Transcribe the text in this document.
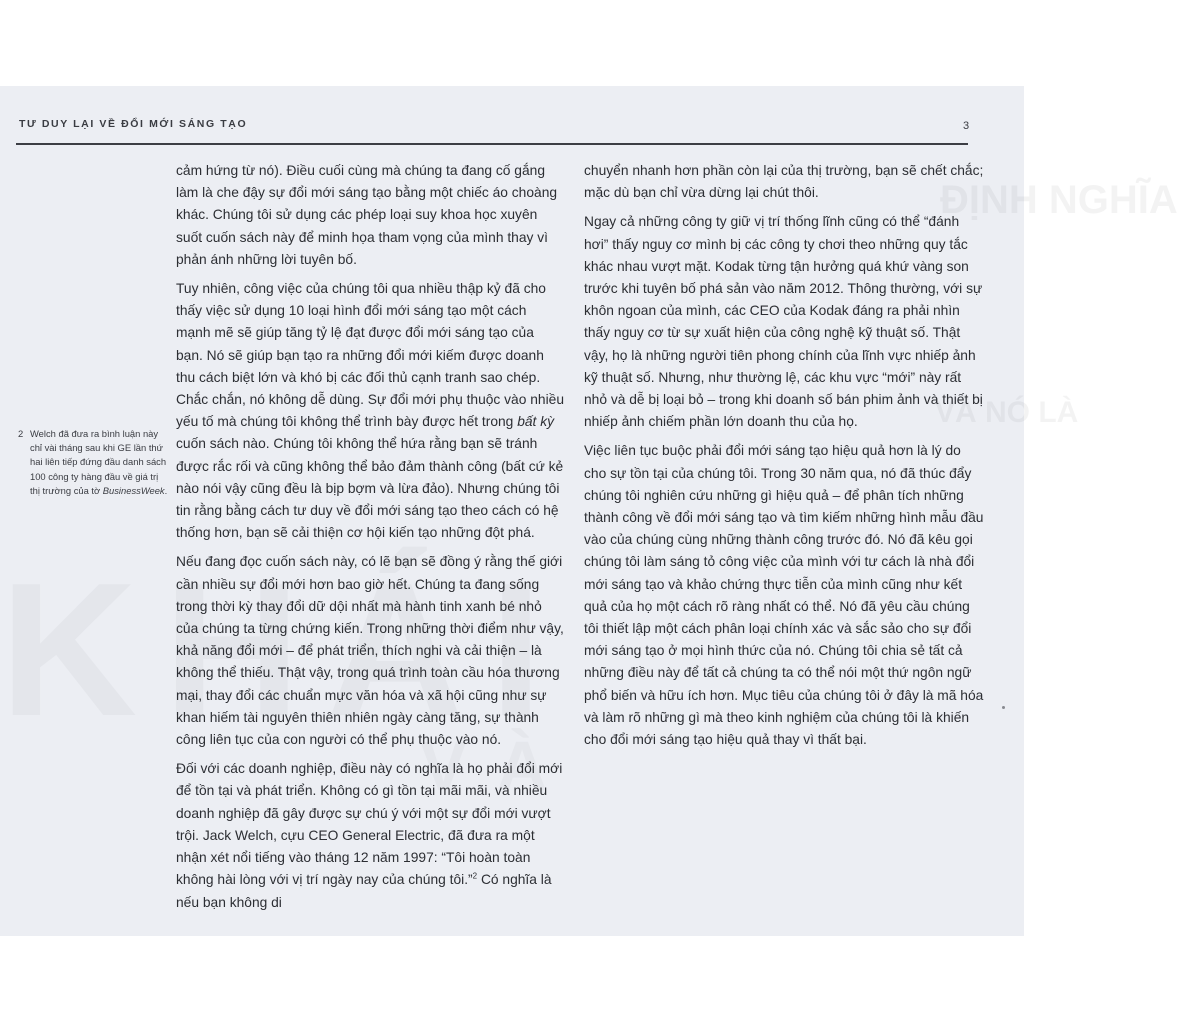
ĐỊNH NGHĨA
VÀ NÓ LÀ
TƯ DUY LẠI VỀ ĐỔI MỚI SÁNG TẠO	3
2 Welch đã đưa ra bình luận này chỉ vài tháng sau khi GE lần thứ hai liên tiếp đứng đầu danh sách 100 công ty hàng đầu về giá trị thị trường của tờ BusinessWeek.

cảm hứng từ nó). Điều cuối cùng mà chúng ta đang cố gắng làm là che đậy sự đổi mới sáng tạo bằng một chiếc áo choàng khác. Chúng tôi sử dụng các phép loại suy khoa học xuyên suốt cuốn sách này để minh họa tham vọng của mình thay vì phản ánh những lời tuyên bố.

Tuy nhiên, công việc của chúng tôi qua nhiều thập kỷ đã cho thấy việc sử dụng 10 loại hình đổi mới sáng tạo một cách mạnh mẽ sẽ giúp tăng tỷ lệ đạt được đổi mới sáng tạo của bạn. Nó sẽ giúp bạn tạo ra những đổi mới kiếm được doanh thu cách biệt lớn và khó bị các đối thủ cạnh tranh sao chép. Chắc chắn, nó không dễ dùng. Sự đổi mới phụ thuộc vào nhiều yếu tố mà chúng tôi không thể trình bày được hết trong bất kỳ cuốn sách nào. Chúng tôi không thể hứa rằng bạn sẽ tránh được rắc rối và cũng không thể bảo đảm thành công (bất cứ kẻ nào nói vậy cũng đều là bịp bợm và lừa đảo). Nhưng chúng tôi tin rằng bằng cách tư duy về đổi mới sáng tạo theo cách có hệ thống hơn, bạn sẽ cải thiện cơ hội kiến tạo những đột phá.

Nếu đang đọc cuốn sách này, có lẽ bạn sẽ đồng ý rằng thế giới cần nhiều sự đổi mới hơn bao giờ hết. Chúng ta đang sống trong thời kỳ thay đổi dữ dội nhất mà hành tinh xanh bé nhỏ của chúng ta từng chứng kiến. Trong những thời điểm như vậy, khả năng đổi mới – để phát triển, thích nghi và cải thiện – là không thể thiếu. Thật vậy, trong quá trình toàn cầu hóa thương mại, thay đổi các chuẩn mực văn hóa và xã hội cũng như sự khan hiếm tài nguyên thiên nhiên ngày càng tăng, sự thành công liên tục của con người có thể phụ thuộc vào nó.

Đối với các doanh nghiệp, điều này có nghĩa là họ phải đổi mới để tồn tại và phát triển. Không có gì tồn tại mãi mãi, và nhiều doanh nghiệp đã gây được sự chú ý với một sự đổi mới vượt trội. Jack Welch, cựu CEO General Electric, đã đưa ra một nhận xét nổi tiếng vào tháng 12 năm 1997: “Tôi hoàn toàn không hài lòng với vị trí ngày nay của chúng tôi.”$^2$ Có nghĩa là nếu bạn không di

chuyển nhanh hơn phần còn lại của thị trường, bạn sẽ chết chắc; mặc dù bạn chỉ vừa dừng lại chút thôi.

Ngay cả những công ty giữ vị trí thống lĩnh cũng có thể “đánh hơi” thấy nguy cơ mình bị các công ty chơi theo những quy tắc khác nhau vượt mặt. Kodak từng tận hưởng quá khứ vàng son trước khi tuyên bố phá sản vào năm 2012. Thông thường, với sự khôn ngoan của mình, các CEO của Kodak đáng ra phải nhìn thấy nguy cơ từ sự xuất hiện của công nghệ kỹ thuật số. Thật vậy, họ là những người tiên phong chính của lĩnh vực nhiếp ảnh kỹ thuật số. Nhưng, như thường lệ, các khu vực “mới” này rất nhỏ và dễ bị loại bỏ – trong khi doanh số bán phim ảnh và thiết bị nhiếp ảnh chiếm phần lớn doanh thu của họ.

Việc liên tục buộc phải đổi mới sáng tạo hiệu quả hơn là lý do cho sự tồn tại của chúng tôi. Trong 30 năm qua, nó đã thúc đẩy chúng tôi nghiên cứu những gì hiệu quả – để phân tích những thành công về đổi mới sáng tạo và tìm kiếm những hình mẫu đầu vào của chúng cùng những thành công trước đó. Nó đã kêu gọi chúng tôi làm sáng tỏ công việc của mình với tư cách là nhà đổi mới sáng tạo và khảo chứng thực tiễn của mình cũng như kết quả của họ một cách rõ ràng nhất có thể. Nó đã yêu cầu chúng tôi thiết lập một cách phân loại chính xác và sắc sảo cho sự đổi mới sáng tạo ở mọi hình thức của nó. Chúng tôi chia sẻ tất cả những điều này để tất cả chúng ta có thể nói một thứ ngôn ngữ phổ biến và hữu ích hơn. Mục tiêu của chúng tôi ở đây là mã hóa và làm rõ những gì mà theo kinh nghiệm của chúng tôi là khiến cho đổi mới sáng tạo hiệu quả thay vì thất bại.
